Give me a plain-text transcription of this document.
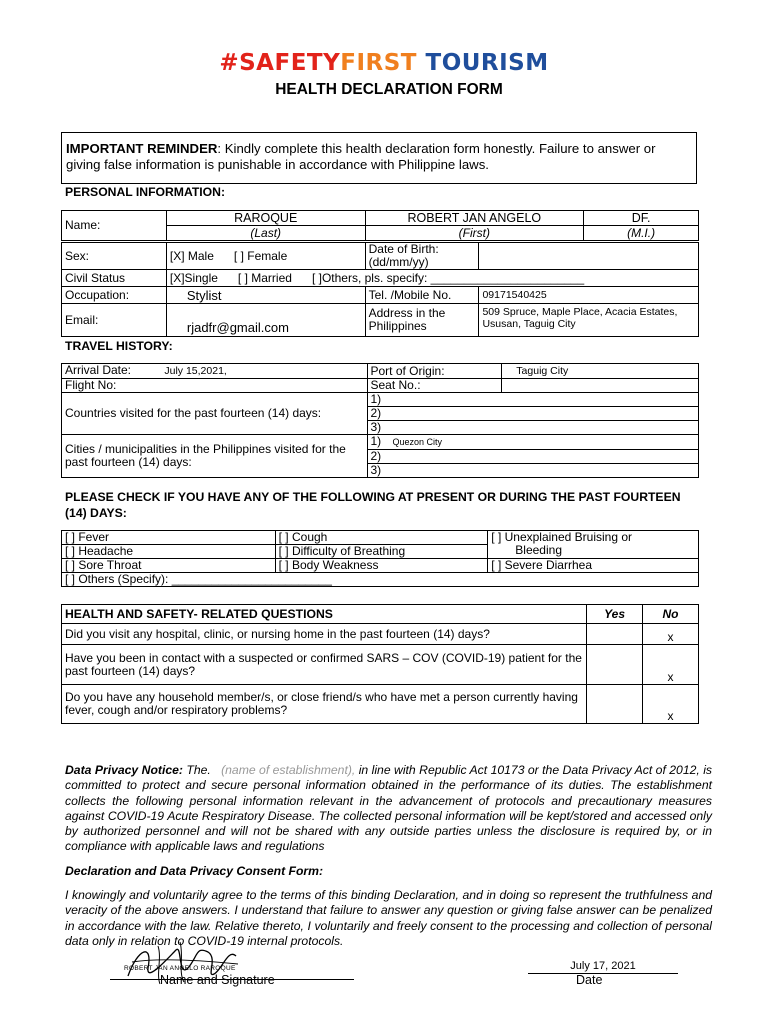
#SAFETYFIRST TOURISM
HEALTH DECLARATION FORM
IMPORTANT REMINDER: Kindly complete this health declaration form honestly. Failure to answer or giving false information is punishable in accordance with Philippine laws.
PERSONAL INFORMATION:
Name:	RAROQUE	ROBERT JAN ANGELO	DF.
	(Last)	(First)	(M.I.)
Sex:	[X] Male [ ] Female	Date of Birth:(dd/mm/yy)	
Civil Status	[X]Single [ ] Married [ ]Others, pls. specify: _______________________		
Occupation:	Stylist	Tel. /Mobile No.	09171540425
Email:	rjadfr@gmail.com	Address in the Philippines	509 Spruce, Maple Place, Acacia Estates, Ususan, Taguig City
TRAVEL HISTORY:
Arrival Date: July 15,2021,	Port of Origin:	Taguig City
Flight No:	Seat No.:	
Countries visited for the past fourteen (14) days:	1)	
	2)	
	3)	
Cities / municipalities in the Philippines visited for the past fourteen (14) days:	1) Quezon City	
	2)	
	3)	
PLEASE CHECK IF YOU HAVE ANY OF THE FOLLOWING AT PRESENT OR DURING THE PAST FOURTEEN (14) DAYS:
[ ] Fever	[ ] Cough	[ ] Unexplained Bruising or
Bleeding

[ ] Headache	[ ] Difficulty of Breathing	
[ ] Sore Throat	[ ] Body Weakness	[ ] Severe Diarrhea
[ ] Others (Specify): ________________________		
HEALTH AND SAFETY- RELATED QUESTIONS	Yes	No
Did you visit any hospital, clinic, or nursing home in the past fourteen (14) days?		x
Have you been in contact with a suspected or confirmed SARS – COV (COVID-19) patient for the past fourteen (14) days?		x
Do you have any household member/s, or close friend/s who have met a person currently having fever, cough and/or respiratory problems?		x
Data Privacy Notice: The. (name of establishment), in line with Republic Act 10173 or the Data Privacy Act of 2012, is committed to protect and secure personal information obtained in the performance of its duties. The establishment collects the following personal information relevant in the advancement of protocols and precautionary measures against COVID-19 Acute Respiratory Disease. The collected personal information will be kept/stored and accessed only by authorized personnel and will not be shared with any outside parties unless the disclosure is required by, or in compliance with applicable laws and regulations
Declaration and Data Privacy Consent Form:
I knowingly and voluntarily agree to the terms of this binding Declaration, and in doing so represent the truthfulness and veracity of the above answers. I understand that failure to answer any question or giving false answer can be penalized in accordance with the law. Relative thereto, I voluntarily and freely consent to the processing and collection of personal data only in relation to COVID-19 internal protocols.
$^{ROBERT JAN ANGELO RAROQUE}$
Name and Signature
July 17, 2021
Date
